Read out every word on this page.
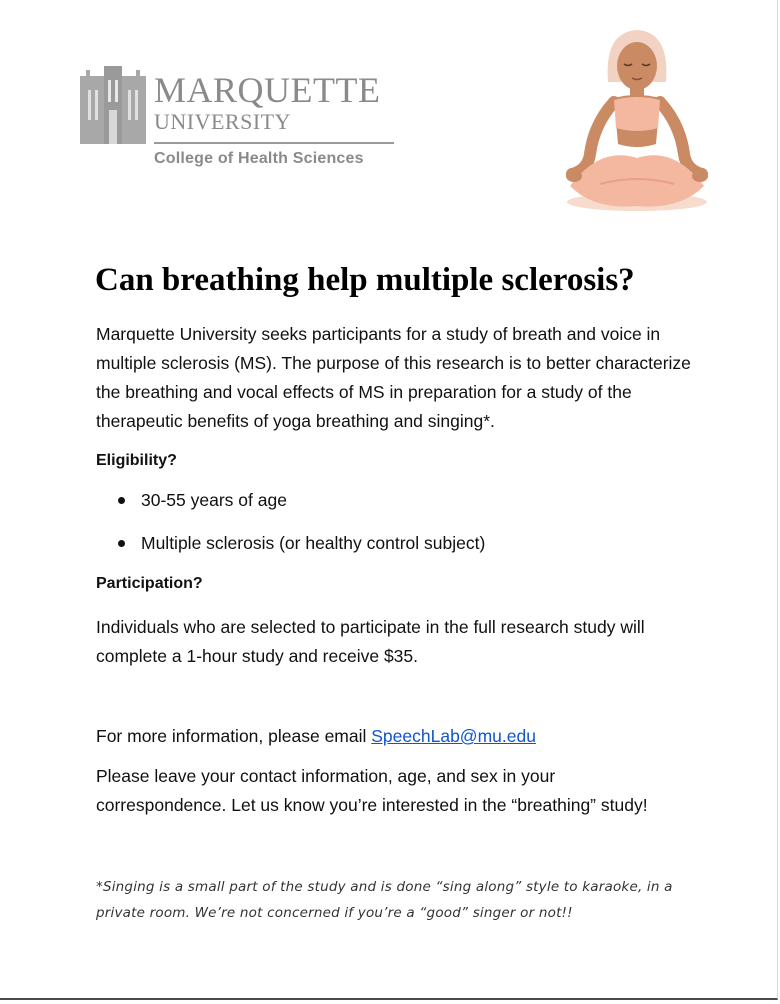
MARQUETTE
UNIVERSITY
College of Health Sciences
Can breathing help multiple sclerosis?

Marquette University seeks participants for a study of breath and voice in multiple sclerosis (MS). The purpose of this research is to better characterize the breathing and vocal effects of MS in preparation for a study of the therapeutic benefits of yoga breathing and singing*.

Eligibility?

30-55 years of age
Multiple sclerosis (or healthy control subject)

Participation?

Individuals who are selected to participate in the full research study will complete a 1-hour study and receive $35.

For more information, please email SpeechLab@mu.edu

Please leave your contact information, age, and sex in your correspondence. Let us know you’re interested in the “breathing” study!

*Singing is a small part of the study and is done “sing along” style to karaoke, in a private room. We’re not concerned if you’re a “good” singer or not!!
